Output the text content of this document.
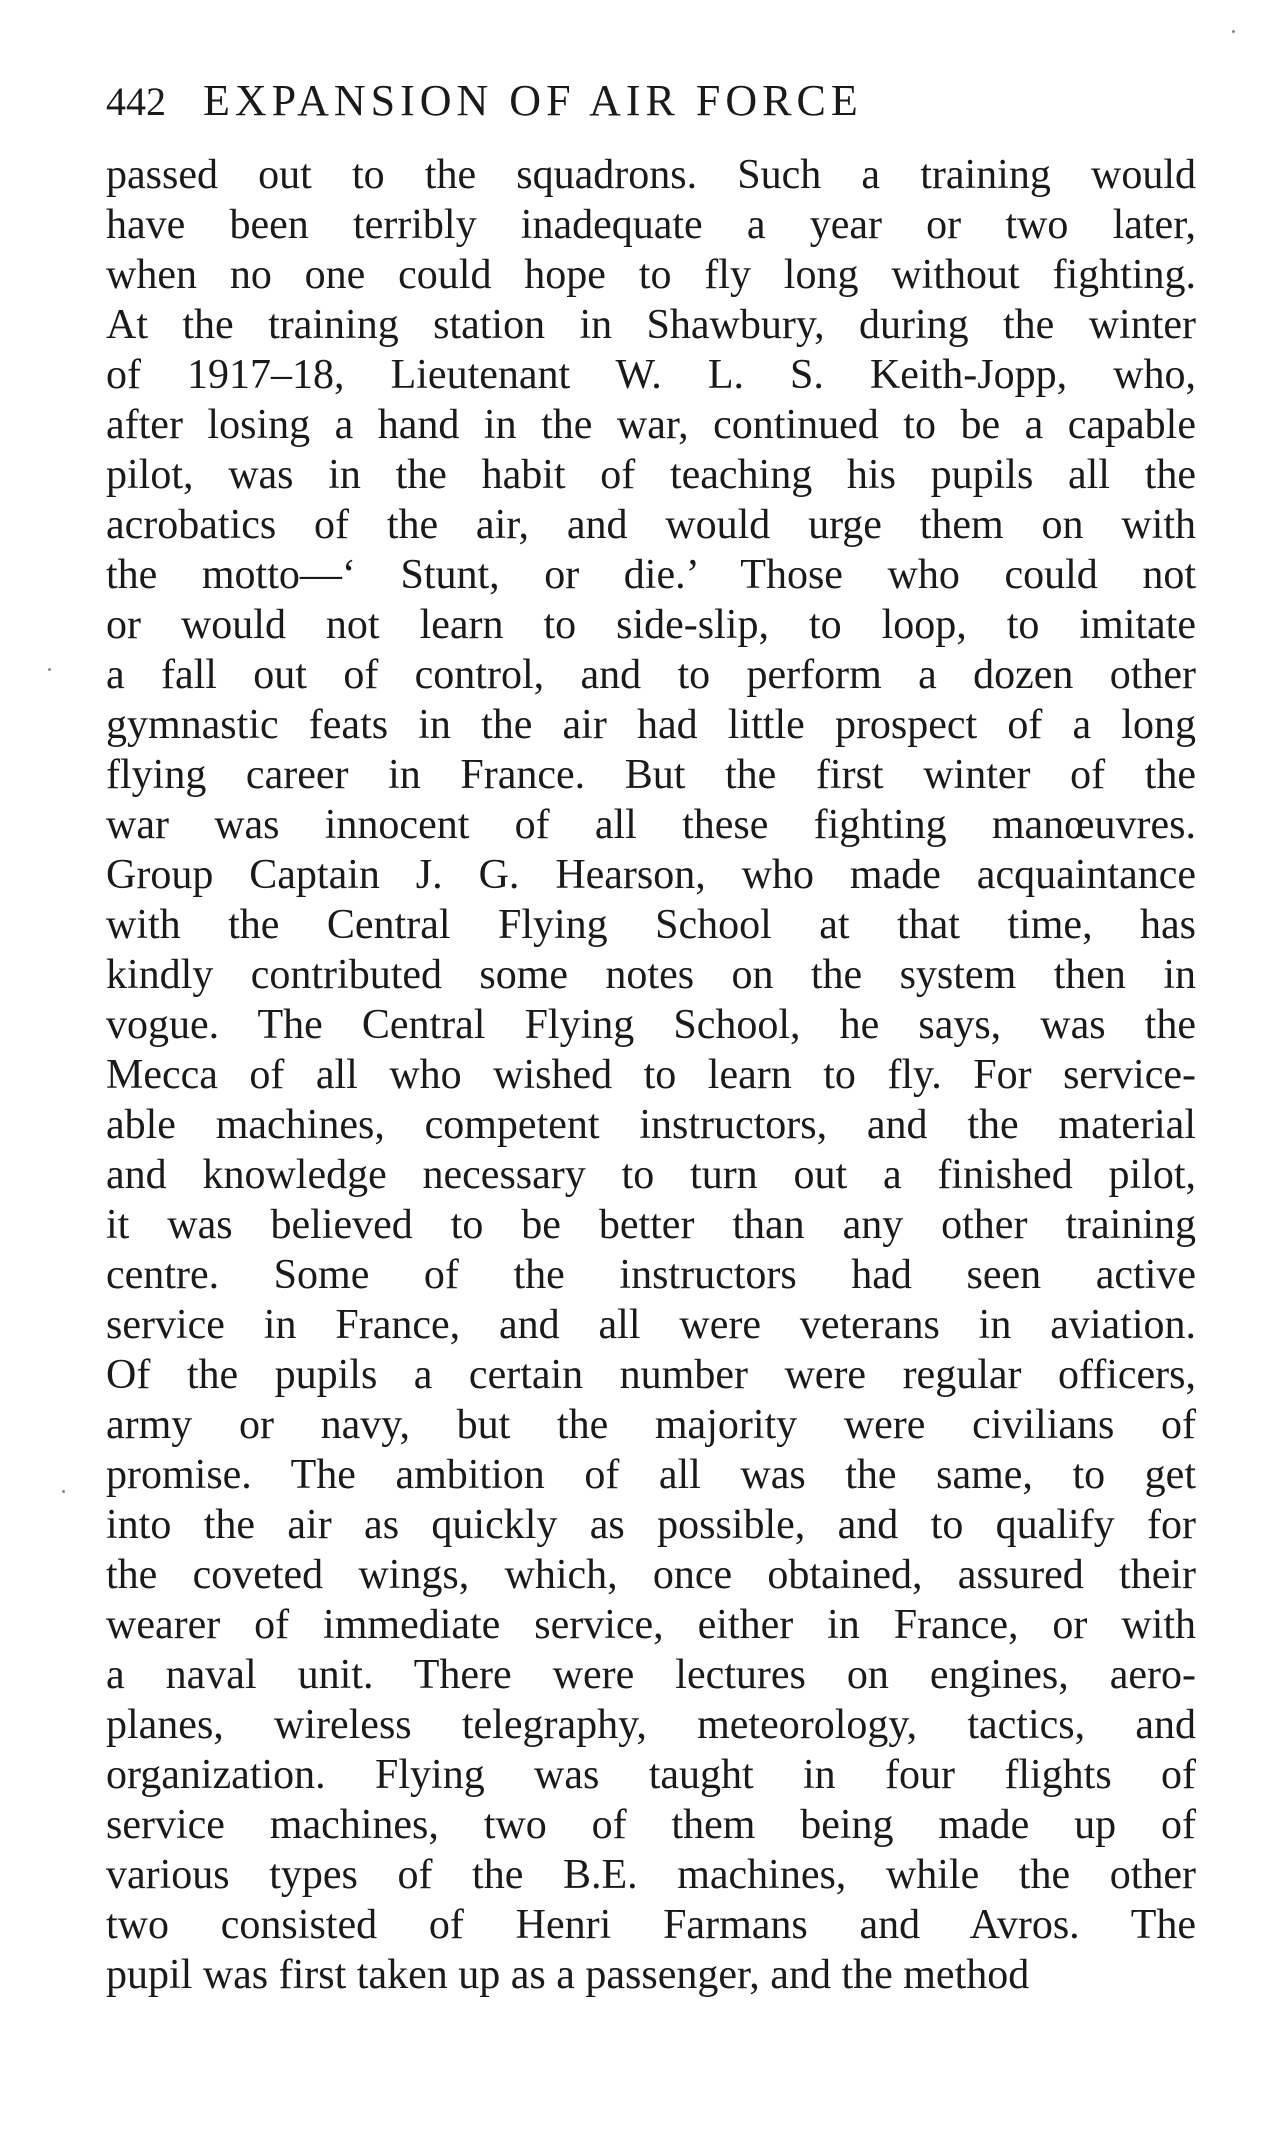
442 EXPANSION OF AIR FORCE
passed out to the squadrons. Such a training would
have been terribly inadequate a year or two later,
when no one could hope to fly long without fighting.
At the training station in Shawbury, during the winter
of 1917–18, Lieutenant W. L. S. Keith-Jopp, who,
after losing a hand in the war, continued to be a capable
pilot, was in the habit of teaching his pupils all the
acrobatics of the air, and would urge them on with
the motto—‘ Stunt, or die.’ Those who could not
or would not learn to side-slip, to loop, to imitate
a fall out of control, and to perform a dozen other
gymnastic feats in the air had little prospect of a long
flying career in France. But the first winter of the
war was innocent of all these fighting manœuvres.
Group Captain J. G. Hearson, who made acquaintance
with the Central Flying School at that time, has
kindly contributed some notes on the system then in
vogue. The Central Flying School, he says, was the
Mecca of all who wished to learn to fly. For service-
able machines, competent instructors, and the material
and knowledge necessary to turn out a finished pilot,
it was believed to be better than any other training
centre. Some of the instructors had seen active
service in France, and all were veterans in aviation.
Of the pupils a certain number were regular officers,
army or navy, but the majority were civilians of
promise. The ambition of all was the same, to get
into the air as quickly as possible, and to qualify for
the coveted wings, which, once obtained, assured their
wearer of immediate service, either in France, or with
a naval unit. There were lectures on engines, aero-
planes, wireless telegraphy, meteorology, tactics, and
organization. Flying was taught in four flights of
service machines, two of them being made up of
various types of the B.E. machines, while the other
two consisted of Henri Farmans and Avros. The
pupil was first taken up as a passenger, and the method
